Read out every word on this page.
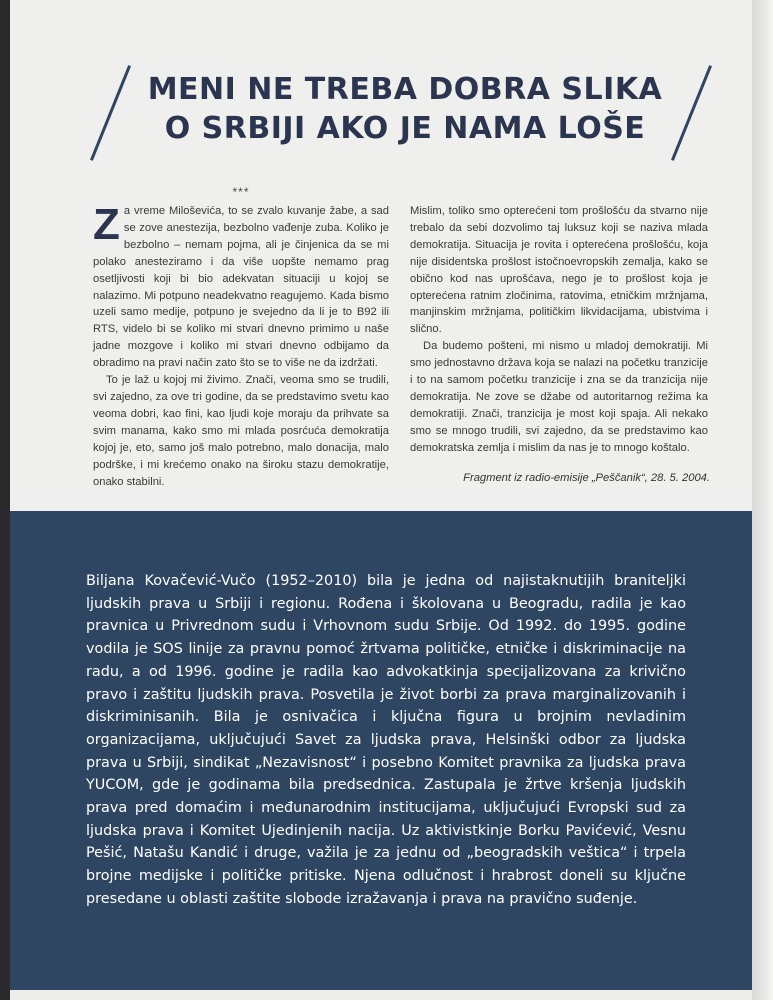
MENI NE TREBA DOBRA SLIKA
O SRBIJI AKO JE NAMA LOŠE
***

Za vreme Miloševića, to se zvalo kuvanje žabe, a sad se zove anestezija, bezbolno vađenje zuba. Koliko je bezbolno – nemam pojma, ali je činjenica da se mi polako anesteziramo i da više uopšte nemamo prag osetljivosti koji bi bio adekvatan situaciji u kojoj se nalazimo. Mi potpuno neadekvatno reagujemo. Kada bismo uzeli samo medije, potpuno je svejedno da li je to B92 ili RTS, videlo bi se koliko mi stvari dnevno primimo u naše jadne mozgove i koliko mi stvari dnevno odbijamo da obradimo na pravi način zato što se to više ne da izdržati.

To je laž u kojoj mi živimo. Znači, veoma smo se trudili, svi zajedno, za ove tri godine, da se predstavimo svetu kao veoma dobri, kao fini, kao ljudi koje moraju da prihvate sa svim manama, kako smo mi mlada posrćuća demokratija kojoj je, eto, samo još malo potrebno, malo donacija, malo podrške, i mi krećemo onako na široku stazu demokratije, onako stabilni.

Mislim, toliko smo opterećeni tom prošlošću da stvarno nije trebalo da sebi dozvolimo taj luksuz koji se naziva mlada demokratija. Situacija je rovita i opterećena prošlošću, koja nije disidentska prošlost istočnoevropskih zemalja, kako se obično kod nas uprošćava, nego je to prošlost koja je opterećena ratnim zločinima, ratovima, etničkim mržnjama, manjinskim mržnjama, političkim likvidacijama, ubistvima i slično.

Da budemo pošteni, mi nismo u mladoj demokratiji. Mi smo jednostavno država koja se nalazi na početku tranzicije i to na samom početku tranzicije i zna se da tranzicija nije demokratija. Ne zove se džabe od autoritarnog režima ka demokratiji. Znači, tranzicija je most koji spaja. Ali nekako smo se mnogo trudili, svi zajedno, da se predstavimo kao demokratska zemlja i mislim da nas je to mnogo koštalo.

Fragment iz radio-emisije „Peščanik“, 28. 5. 2004.

Biljana Kovačević-Vučo (1952–2010) bila je jedna od najistaknutijih braniteljki ljudskih prava u Srbiji i regionu. Rođena i školovana u Beogradu, radila je kao pravnica u Privrednom sudu i Vrhovnom sudu Srbije. Od 1992. do 1995. godine vodila je SOS linije za pravnu pomoć žrtvama političke, etničke i diskriminacije na radu, a od 1996. godine je radila kao advokatkinja specijalizovana za krivično pravo i zaštitu ljudskih prava. Posvetila je život borbi za prava marginalizovanih i diskriminisanih. Bila je osnivačica i ključna figura u brojnim nevladinim organizacijama, uključujući Savet za ljudska prava, Helsinški odbor za ljudska prava u Srbiji, sindikat „Nezavisnost“ i posebno Komitet pravnika za ljudska prava YUCOM, gde je godinama bila predsednica. Zastupala je žrtve kršenja ljudskih prava pred domaćim i međunarodnim institucijama, uključujući Evropski sud za ljudska prava i Komitet Ujedinjenih nacija. Uz aktivistkinje Borku Pavićević, Vesnu Pešić, Natašu Kandić i druge, važila je za jednu od „beogradskih veštica“ i trpela brojne medijske i političke pritiske. Njena odlučnost i hrabrost doneli su ključne presedane u oblasti zaštite slobode izražavanja i prava na pravično suđenje.
